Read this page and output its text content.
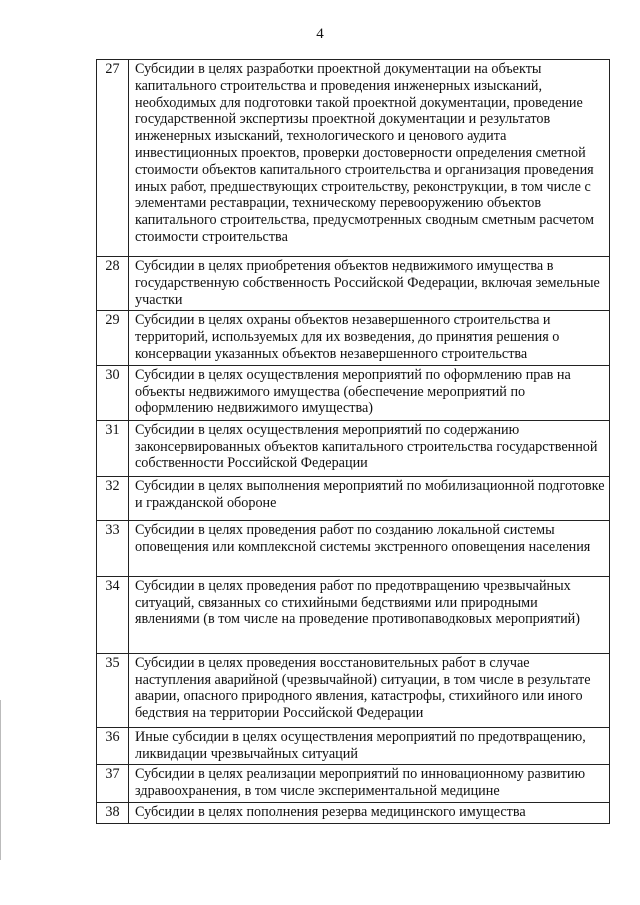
4
27	Субсидии в целях разработки проектной документации на объекты капитального строительства и проведения инженерных изысканий, необходимых для подготовки такой проектной документации, проведение государственной экспертизы проектной документации и результатов инженерных изысканий, технологического и ценового аудита инвестиционных проектов, проверки достоверности определения сметной стоимости объектов капитального строительства и организация проведения иных работ, предшествующих строительству, реконструкции, в том числе с элементами реставрации, техническому перевооружению объектов капитального строительства, предусмотренных сводным сметным расчетом стоимости строительства
28	Субсидии в целях приобретения объектов недвижимого имущества в государственную собственность Российской Федерации, включая земельные участки
29	Субсидии в целях охраны объектов незавершенного строительства и территорий, используемых для их возведения, до принятия решения о консервации указанных объектов незавершенного строительства
30	Субсидии в целях осуществления мероприятий по оформлению прав на объекты недвижимого имущества (обеспечение мероприятий по оформлению недвижимого имущества)
31	Субсидии в целях осуществления мероприятий по содержанию законсервированных объектов капитального строительства государственной собственности Российской Федерации
32	Субсидии в целях выполнения мероприятий по мобилизационной подготовке и гражданской обороне
33	Субсидии в целях проведения работ по созданию локальной системы оповещения или комплексной системы экстренного оповещения населения
34	Субсидии в целях проведения работ по предотвращению чрезвычайных ситуаций, связанных со стихийными бедствиями или природными явлениями (в том числе на проведение противопаводковых мероприятий)
35	Субсидии в целях проведения восстановительных работ в случае наступления аварийной (чрезвычайной) ситуации, в том числе в результате аварии, опасного природного явления, катастрофы, стихийного или иного бедствия на территории Российской Федерации
36	Иные субсидии в целях осуществления мероприятий по предотвращению, ликвидации чрезвычайных ситуаций
37	Субсидии в целях реализации мероприятий по инновационному развитию здравоохранения, в том числе экспериментальной медицине
38	Субсидии в целях пополнения резерва медицинского имущества
